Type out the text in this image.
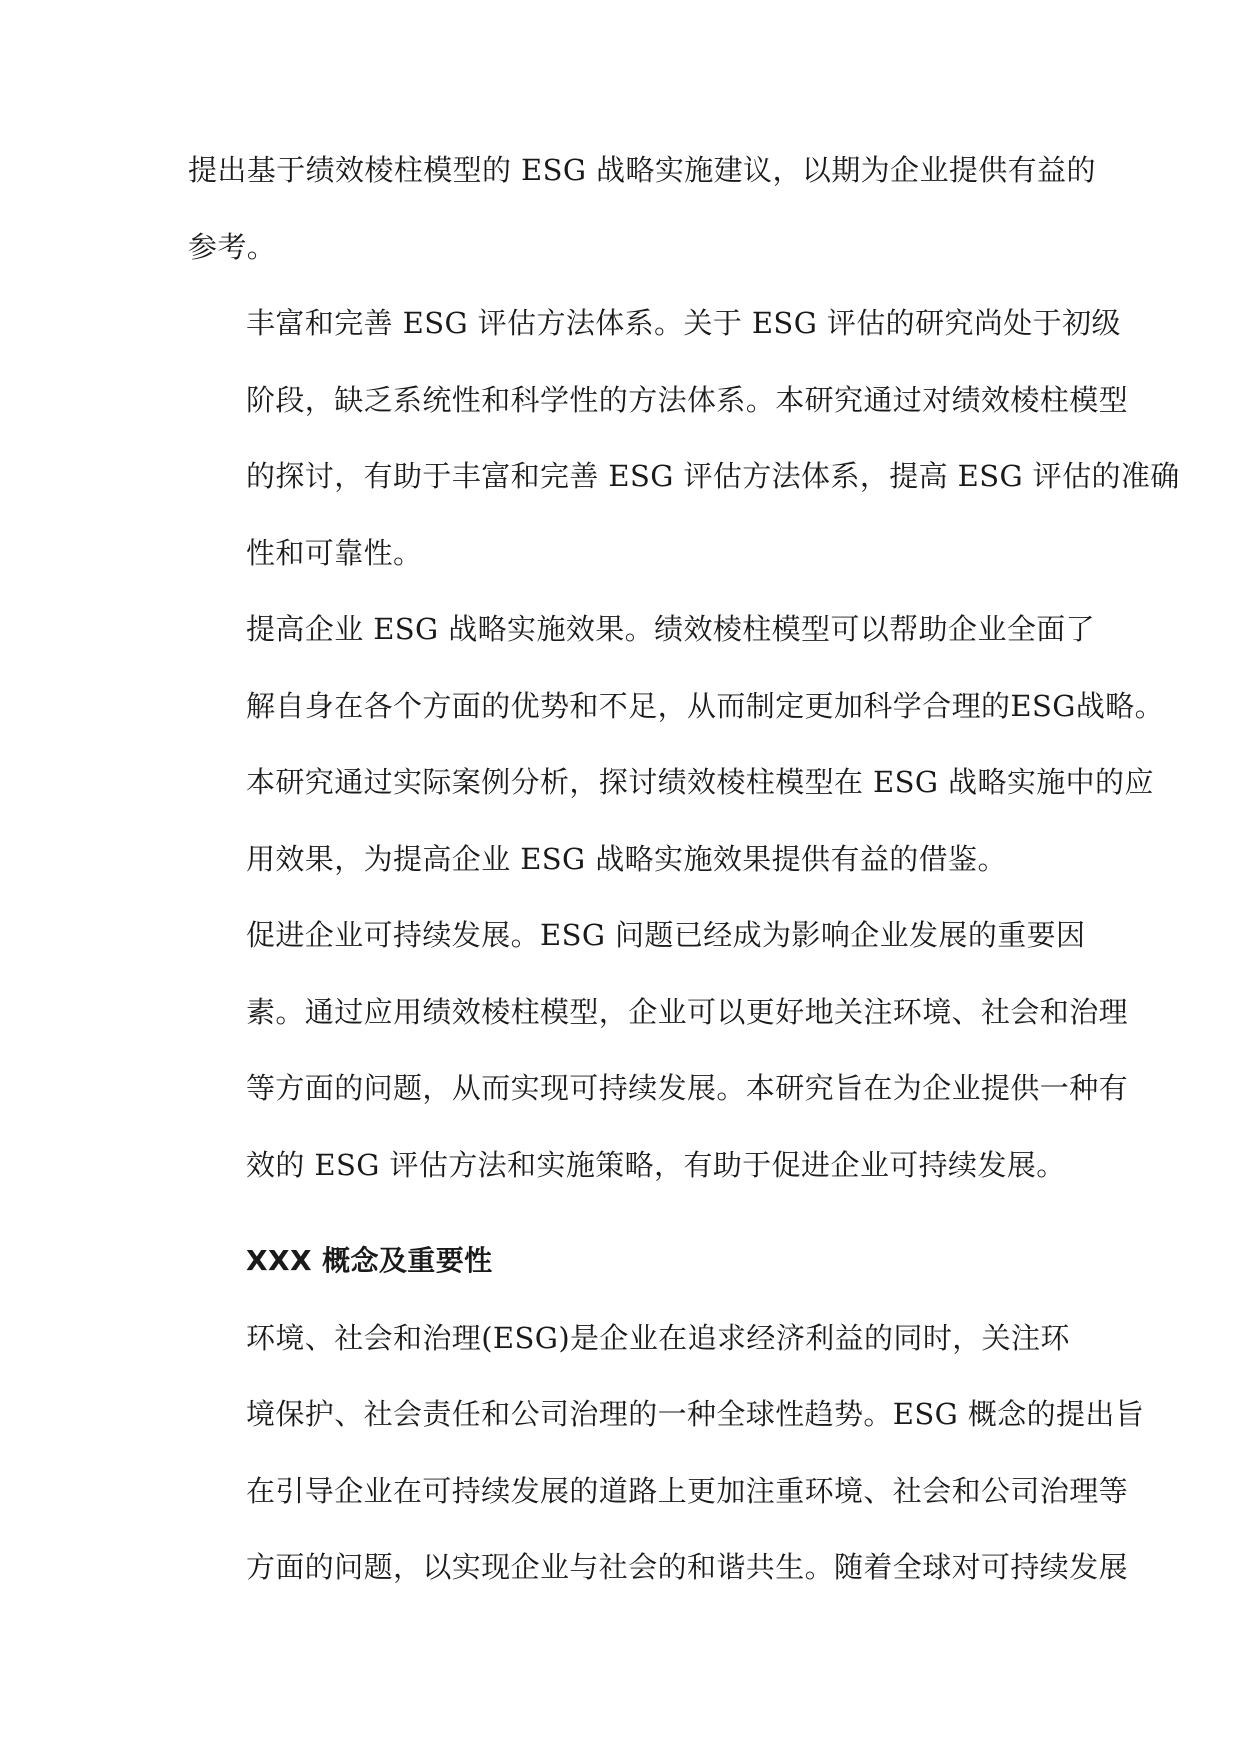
提出基于绩效棱柱模型的 ESG 战略实施建议，以期为企业提供有益的
参考。

丰富和完善 ESG 评估方法体系。关于 ESG 评估的研究尚处于初级
阶段，缺乏系统性和科学性的方法体系。本研究通过对绩效棱柱模型
的探讨，有助于丰富和完善 ESG 评估方法体系，提高 ESG 评估的准确
性和可靠性。

提高企业 ESG 战略实施效果。绩效棱柱模型可以帮助企业全面了
解自身在各个方面的优势和不足，从而制定更加科学合理的ESG战略。
本研究通过实际案例分析，探讨绩效棱柱模型在 ESG 战略实施中的应
用效果，为提高企业 ESG 战略实施效果提供有益的借鉴。

促进企业可持续发展。ESG 问题已经成为影响企业发展的重要因
素。通过应用绩效棱柱模型，企业可以更好地关注环境、社会和治理
等方面的问题，从而实现可持续发展。本研究旨在为企业提供一种有
效的 ESG 评估方法和实施策略，有助于促进企业可持续发展。

XXX 概念及重要性

环境、社会和治理(ESG)是企业在追求经济利益的同时，关注环
境保护、社会责任和公司治理的一种全球性趋势。ESG 概念的提出旨
在引导企业在可持续发展的道路上更加注重环境、社会和公司治理等
方面的问题，以实现企业与社会的和谐共生。随着全球对可持续发展
